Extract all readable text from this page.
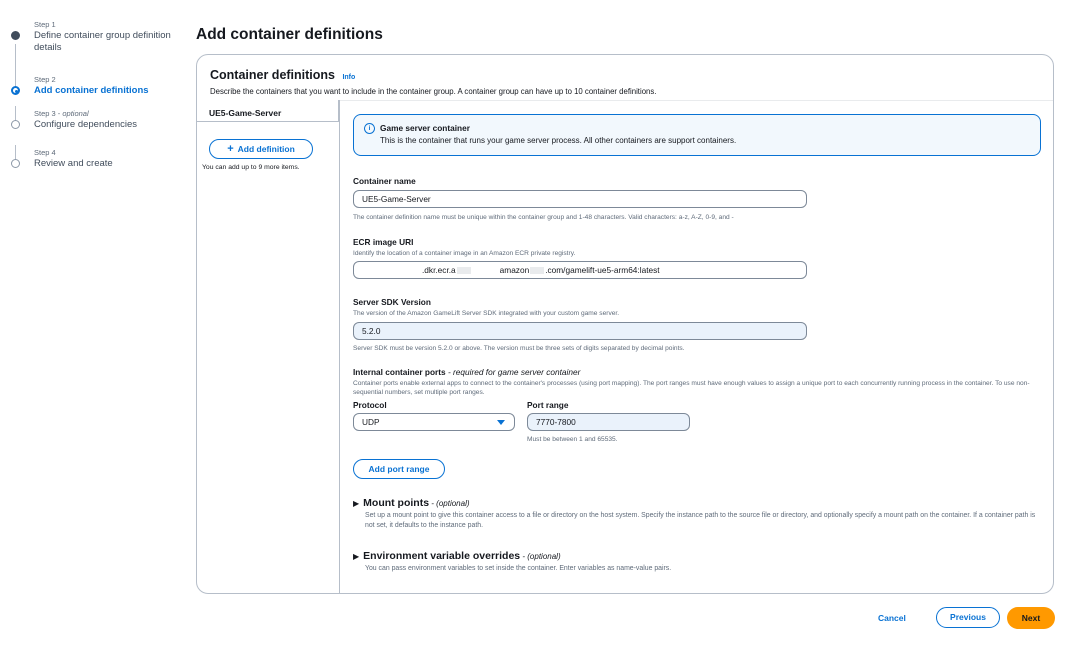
Step 1
Define container group definition details
Step 2
Add container definitions
Step 3 - optional
Configure dependencies
Step 4
Review and create
Add container definitions
Container definitions Info
Describe the containers that you want to include in the container group. A container group can have up to 10 container definitions.
UE5-Game-Server
+ Add definition
You can add up to 9 more items.
i	Game server container
This is the container that runs your game server process. All other containers are support containers.
Container name
UE5-Game-Server
The container definition name must be unique within the container group and 1-48 characters. Valid characters: a-z, A-Z, 0-9, and -
ECR image URI
Identify the location of a container image in an Amazon ECR private registry.
.dkr.ecr.a	amazon .com/gamelift-ue5-arm64:latest
Server SDK Version
The version of the Amazon GameLift Server SDK integrated with your custom game server.
5.2.0
Server SDK must be version 5.2.0 or above. The version must be three sets of digits separated by decimal points.
Internal container ports - required for game server container
Container ports enable external apps to connect to the container's processes (using port mapping). The port ranges must have enough values to assign a unique port to each concurrently running process in the container. To use non-sequential numbers, set multiple port ranges.
Protocol	Port range
UDP	7770-7800
Must be between 1 and 65535.
Add port range
▶ Mount points - (optional)
Set up a mount point to give this container access to a file or directory on the host system. Specify the instance path to the source file or directory, and optionally specify a mount path on the container. If a container path is not set, it defaults to the instance path.
▶ Environment variable overrides - (optional)
You can pass environment variables to set inside the container. Enter variables as name-value pairs.
Cancel	Previous	Next
